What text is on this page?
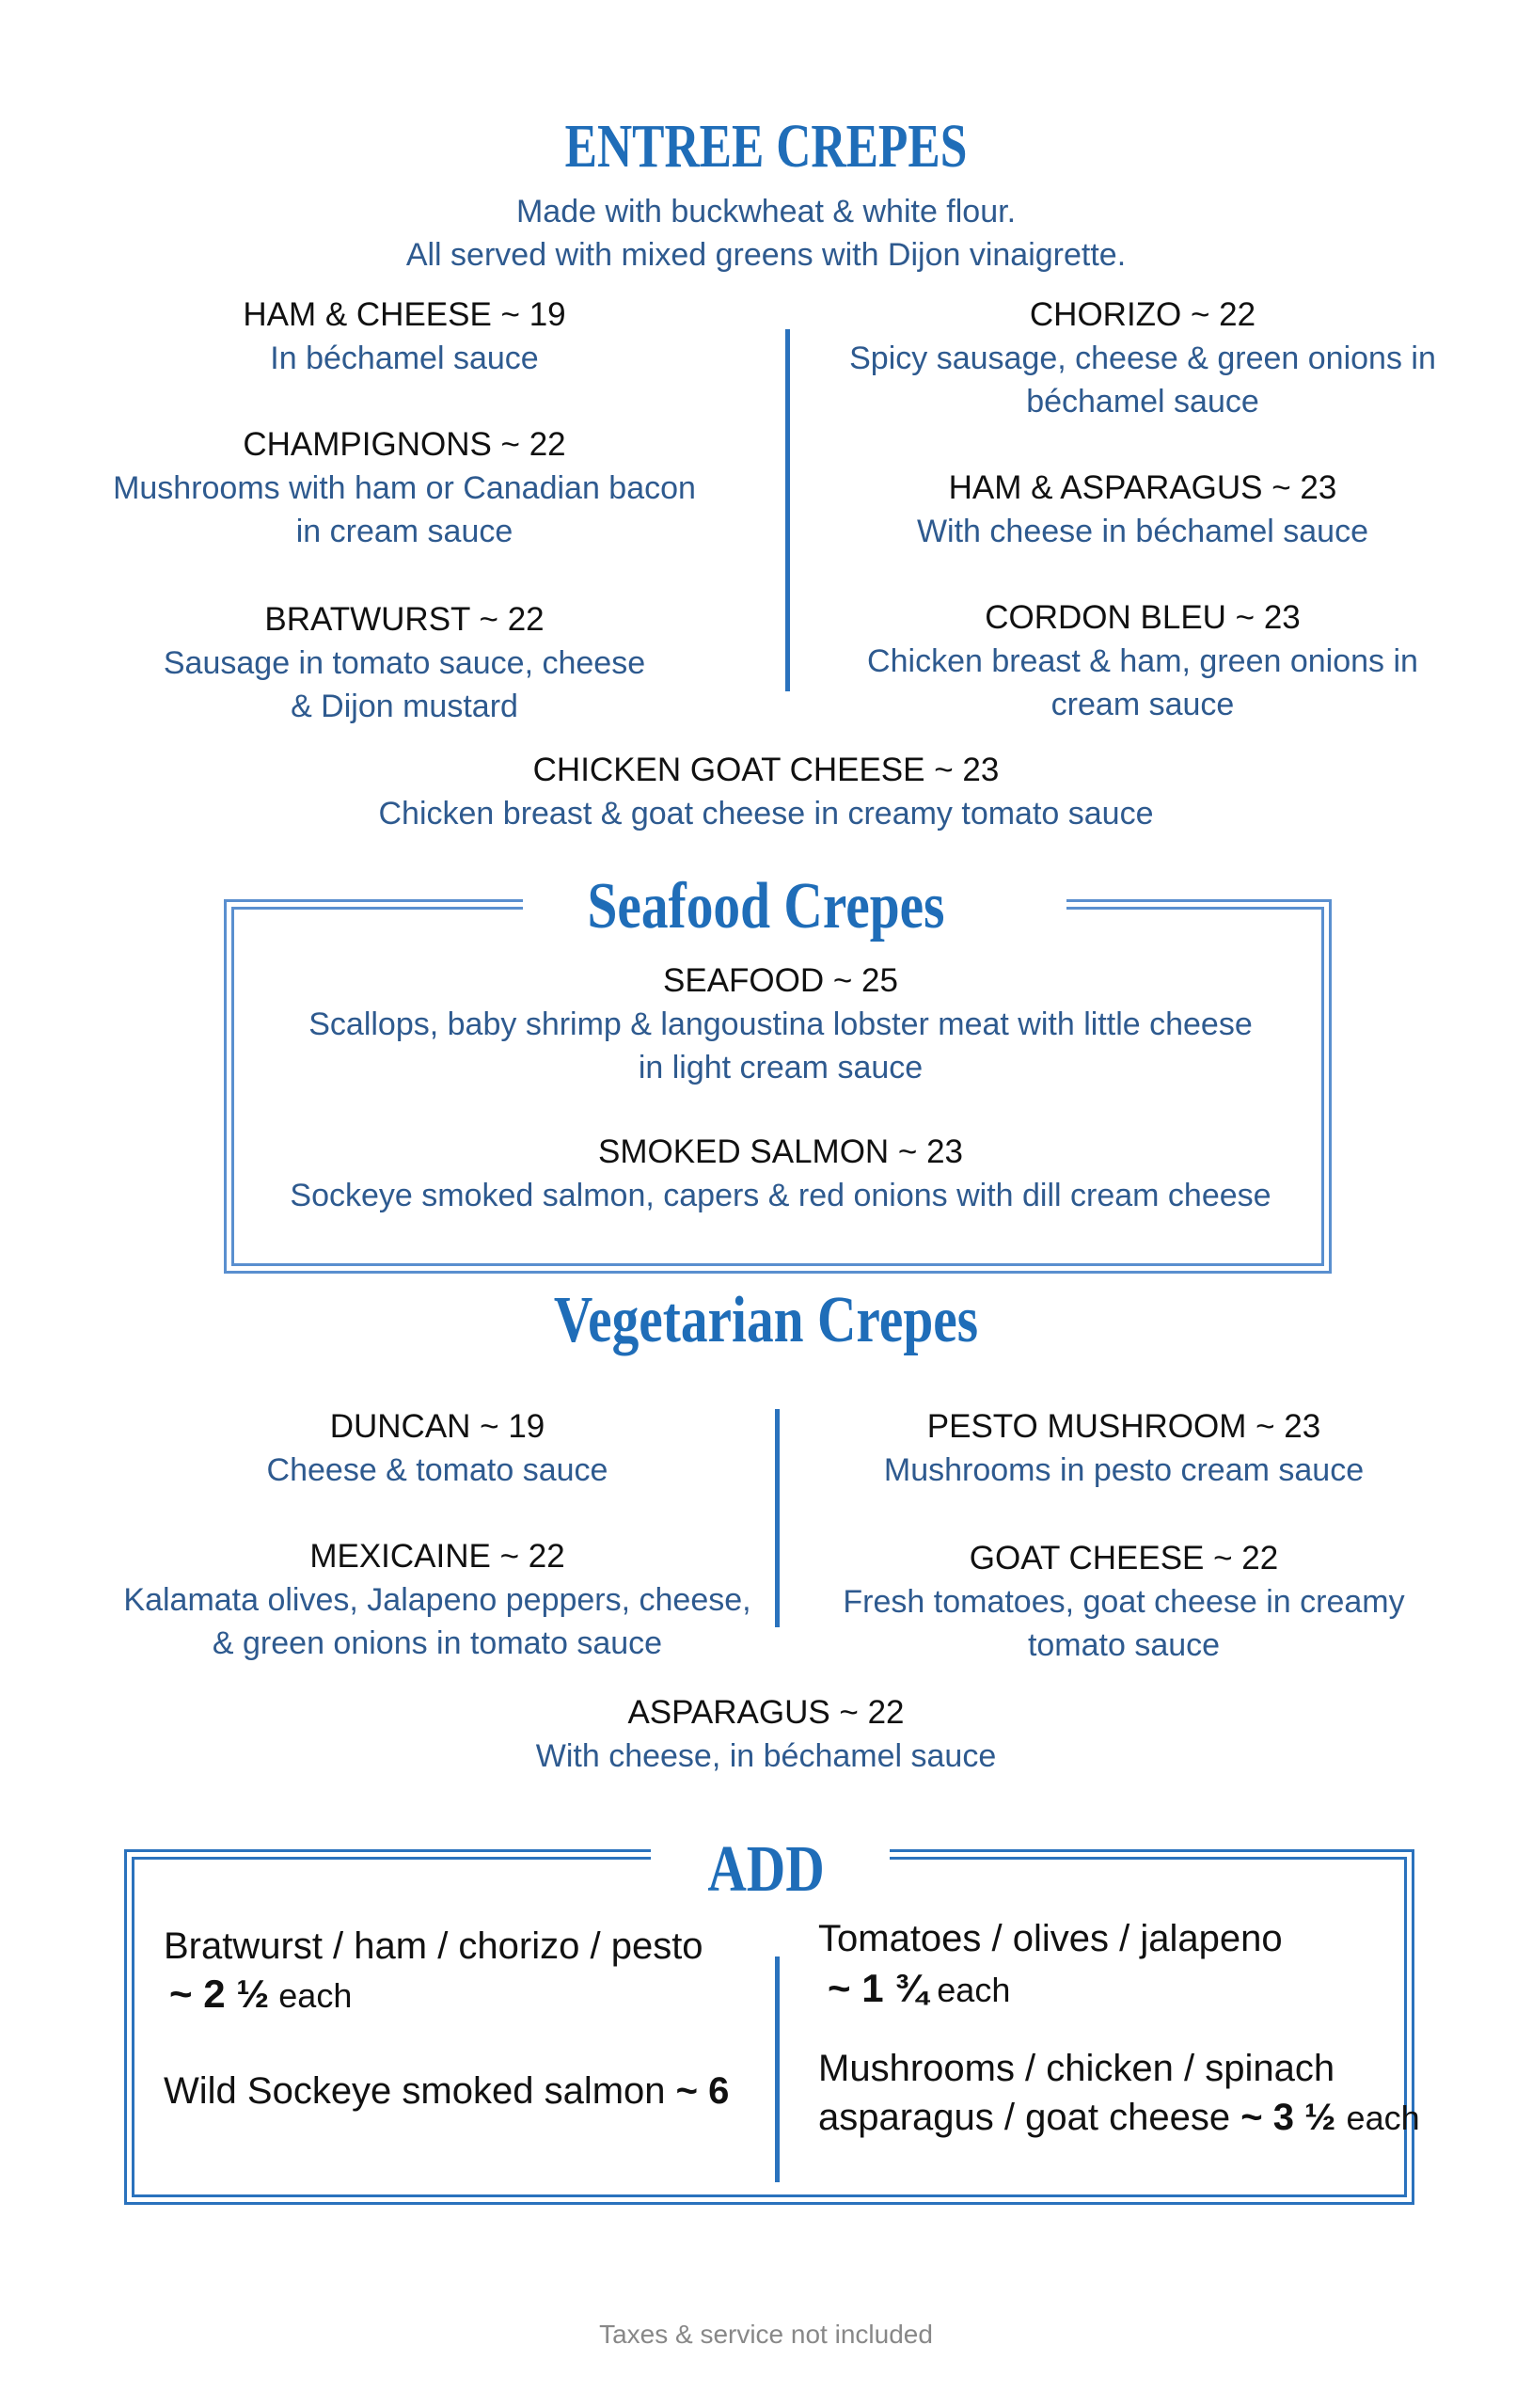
ENTREE CREPES
Made with buckwheat & white flour.
All served with mixed greens with Dijon vinaigrette.
HAM & CHEESE ~ 19
In béchamel sauce
CHAMPIGNONS ~ 22
Mushrooms with ham or Canadian bacon
in cream sauce
BRATWURST ~ 22
Sausage in tomato sauce, cheese
& Dijon mustard
CHORIZO ~ 22
Spicy sausage, cheese & green onions in
béchamel sauce
HAM & ASPARAGUS ~ 23
With cheese in béchamel sauce
CORDON BLEU ~ 23
Chicken breast & ham, green onions in
cream sauce
CHICKEN GOAT CHEESE ~ 23
Chicken breast & goat cheese in creamy tomato sauce
Seafood Crepes
SEAFOOD ~ 25
Scallops, baby shrimp & langoustina lobster meat with little cheese
in light cream sauce
SMOKED SALMON ~ 23
Sockeye smoked salmon, capers & red onions with dill cream cheese
Vegetarian Crepes
DUNCAN ~ 19
Cheese & tomato sauce
MEXICAINE ~ 22
Kalamata olives, Jalapeno peppers, cheese,
& green onions in tomato sauce
PESTO MUSHROOM ~ 23
Mushrooms in pesto cream sauce
GOAT CHEESE ~ 22
Fresh tomatoes, goat cheese in creamy
tomato sauce
ASPARAGUS ~ 22
With cheese, in béchamel sauce
ADD
Bratwurst / ham / chorizo / pesto
~ 2 ½ each
Wild Sockeye smoked salmon ~ 6
Tomatoes / olives / jalapeno
~ 1 ¾ each
Mushrooms / chicken / spinach
asparagus / goat cheese ~ 3 ½ each
Taxes & service not included
